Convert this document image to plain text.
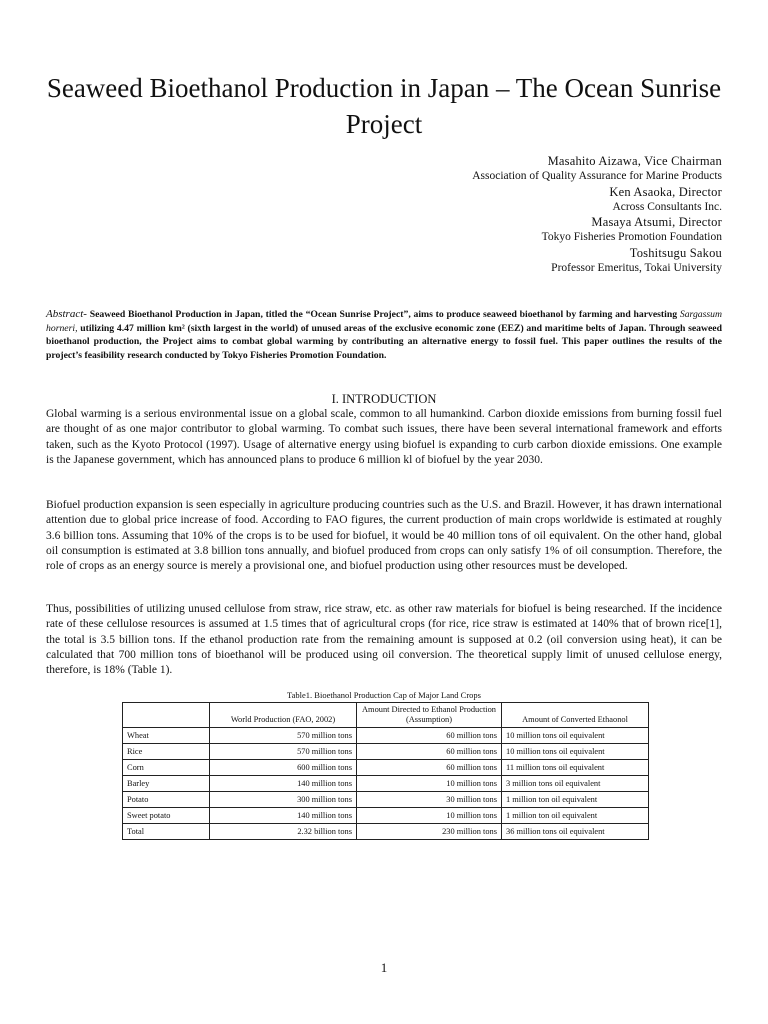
Seaweed Bioethanol Production in Japan – The Ocean Sunrise Project
Masahito Aizawa, Vice Chairman
Association of Quality Assurance for Marine Products
Ken Asaoka, Director
Across Consultants Inc.
Masaya Atsumi, Director
Tokyo Fisheries Promotion Foundation
Toshitsugu Sakou
Professor Emeritus, Tokai University
Abstract- Seaweed Bioethanol Production in Japan, titled the “Ocean Sunrise Project”, aims to produce seaweed bioethanol by farming and harvesting Sargassum horneri, utilizing 4.47 million km² (sixth largest in the world) of unused areas of the exclusive economic zone (EEZ) and maritime belts of Japan. Through seaweed bioethanol production, the Project aims to combat global warming by contributing an alternative energy to fossil fuel. This paper outlines the results of the project’s feasibility research conducted by Tokyo Fisheries Promotion Foundation.
I. INTRODUCTION

Global warming is a serious environmental issue on a global scale, common to all humankind. Carbon dioxide emissions from burning fossil fuel are thought of as one major contributor to global warming. To combat such issues, there have been several international framework and efforts taken, such as the Kyoto Protocol (1997). Usage of alternative energy using biofuel is expanding to curb carbon dioxide emissions. One example is the Japanese government, which has announced plans to produce 6 million kl of biofuel by the year 2030.

Biofuel production expansion is seen especially in agriculture producing countries such as the U.S. and Brazil. However, it has drawn international attention due to global price increase of food. According to FAO figures, the current production of main crops worldwide is estimated at roughly 3.6 billion tons. Assuming that 10% of the crops is to be used for biofuel, it would be 40 million tons of oil equivalent. On the other hand, global oil consumption is estimated at 3.8 billion tons annually, and biofuel produced from crops can only satisfy 1% of oil consumption. Therefore, the role of crops as an energy source is merely a provisional one, and biofuel production using other resources must be developed.

Thus, possibilities of utilizing unused cellulose from straw, rice straw, etc. as other raw materials for biofuel is being researched. If the incidence rate of these cellulose resources is assumed at 1.5 times that of agricultural crops (for rice, rice straw is estimated at 140% that of brown rice[1], the total is 3.5 billion tons. If the ethanol production rate from the remaining amount is supposed at 0.2 (oil conversion using heat), it can be calculated that 700 million tons of bioethanol will be produced using oil conversion. The theoretical supply limit of unused cellulose energy, therefore, is 18% (Table 1).

Table1. Bioethanol Production Cap of Major Land Crops
	World Production (FAO, 2002)	Amount Directed to Ethanol Production (Assumption)	Amount of Converted Ethaonol
Wheat	570 million tons	60 million tons	10 million tons oil equivalent
Rice	570 million tons	60 million tons	10 million tons oil equivalent
Corn	600 million tons	60 million tons	11 million tons oil equivalent
Barley	140 million tons	10 million tons	3 million tons oil equivalent
Potato	300 million tons	30 million tons	1 million ton oil equivalent
Sweet potato	140 million tons	10 million tons	1 million ton oil equivalent
Total	2.32 billion tons	230 million tons	36 million tons oil equivalent
1
